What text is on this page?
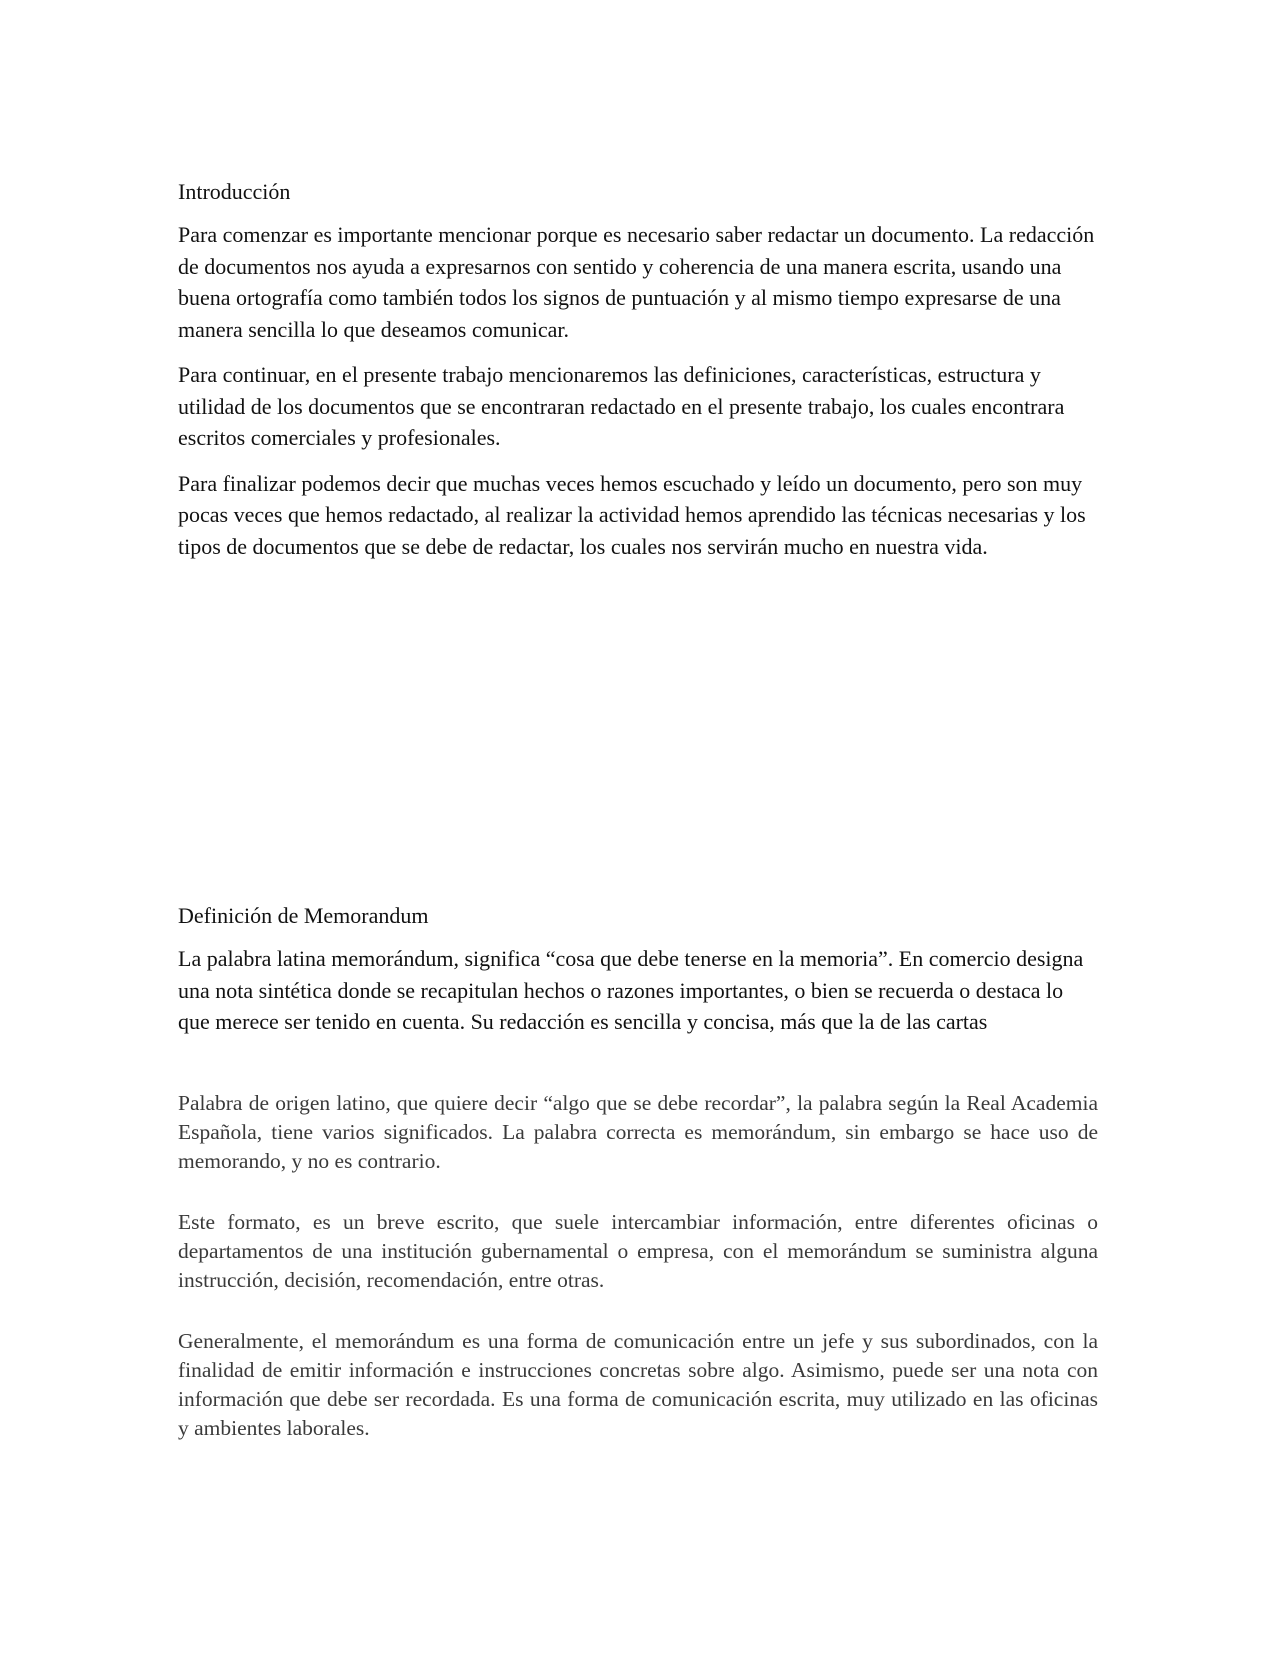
Introducción

Para comenzar es importante mencionar porque es necesario saber redactar un documento. La redacción de documentos nos ayuda a expresarnos con sentido y coherencia de una manera escrita, usando una buena ortografía como también todos los signos de puntuación y al mismo tiempo expresarse de una manera sencilla lo que deseamos comunicar.

Para continuar, en el presente trabajo mencionaremos las definiciones, características, estructura y utilidad de los documentos que se encontraran redactado en el presente trabajo, los cuales encontrara escritos comerciales y profesionales.

Para finalizar podemos decir que muchas veces hemos escuchado y leído un documento, pero son muy pocas veces que hemos redactado, al realizar la actividad hemos aprendido las técnicas necesarias y los tipos de documentos que se debe de redactar, los cuales nos servirán mucho en nuestra vida.

Definición de Memorandum

La palabra latina memorándum, significa “cosa que debe tenerse en la memoria”. En comercio designa una nota sintética donde se recapitulan hechos o razones importantes, o bien se recuerda o destaca lo que merece ser tenido en cuenta. Su redacción es sencilla y concisa, más que la de las cartas

Palabra de origen latino, que quiere decir “algo que se debe recordar”, la palabra según la Real Academia Española, tiene varios significados. La palabra correcta es memorándum, sin embargo se hace uso de memorando, y no es contrario.

Este formato, es un breve escrito, que suele intercambiar información, entre diferentes oficinas o departamentos de una institución gubernamental o empresa, con el memorándum se suministra alguna instrucción, decisión, recomendación, entre otras.

Generalmente, el memorándum es una forma de comunicación entre un jefe y sus subordinados, con la finalidad de emitir información e instrucciones concretas sobre algo. Asimismo, puede ser una nota con información que debe ser recordada. Es una forma de comunicación escrita, muy utilizado en las oficinas y ambientes laborales.
